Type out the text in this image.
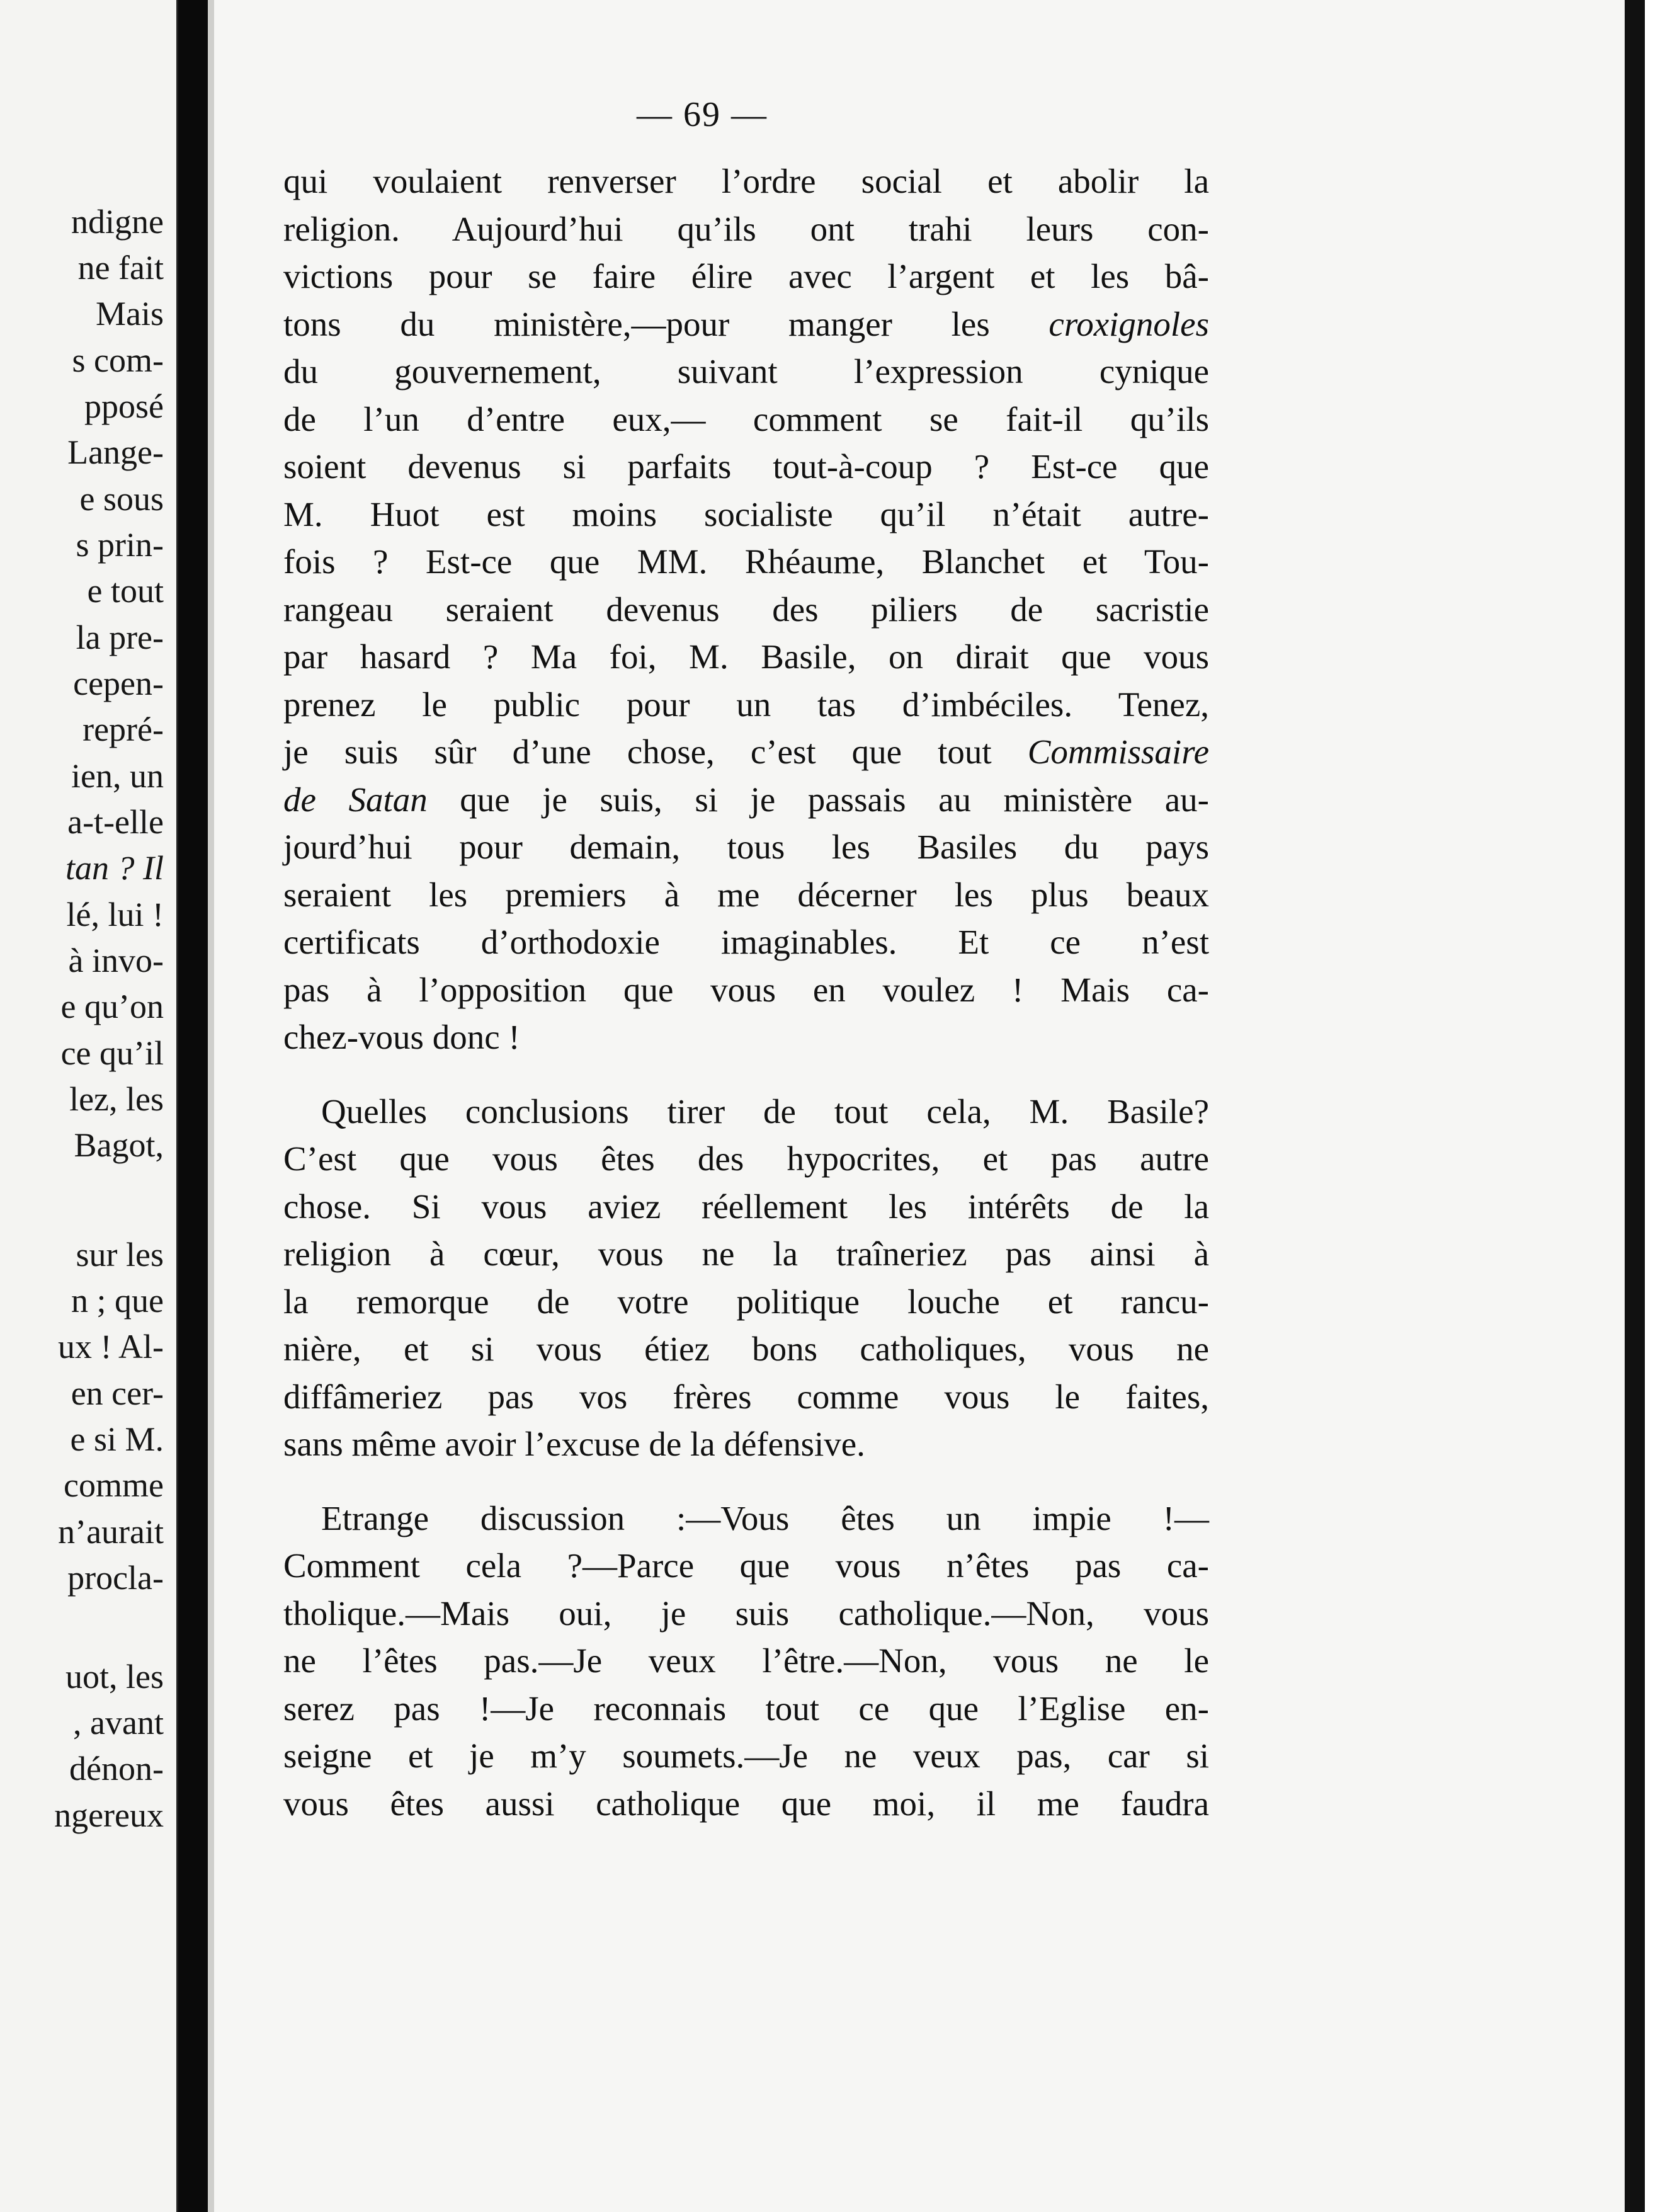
ndigne
ne fait
Mais
s com-
pposé
Lange-
e sous
s prin-
e tout
la pre-
cepen-
repré-
ien, un
a-t-elle
tan ? Il
lé, lui !
à invo-
e qu’on
ce qu’il
lez, les
Bagot,
sur les
n ; que
ux ! Al-
en cer-
e si M.
comme
n’aurait
procla-
uot, les
, avant
dénon-
ngereux
— 69 —
qui voulaient renverser l’ordre social et abolir la
religion. Aujourd’hui qu’ils ont trahi leurs con-
victions pour se faire élire avec l’argent et les bâ-
tons du ministère,—pour manger les croxignoles
du gouvernement, suivant l’expression cynique
de l’un d’entre eux,— comment se fait-il qu’ils
soient devenus si parfaits tout-à-coup ? Est-ce que
M. Huot est moins socialiste qu’il n’était autre-
fois ? Est-ce que MM. Rhéaume, Blanchet et Tou-
rangeau seraient devenus des piliers de sacristie
par hasard ? Ma foi, M. Basile, on dirait que vous
prenez le public pour un tas d’imbéciles. Tenez,
je suis sûr d’une chose, c’est que tout Commissaire
de Satan que je suis, si je passais au ministère au-
jourd’hui pour demain, tous les Basiles du pays
seraient les premiers à me décerner les plus beaux
certificats d’orthodoxie imaginables. Et ce n’est
pas à l’opposition que vous en voulez ! Mais ca-
chez-vous donc !
Quelles conclusions tirer de tout cela, M. Basile?
C’est que vous êtes des hypocrites, et pas autre
chose. Si vous aviez réellement les intérêts de la
religion à cœur, vous ne la traîneriez pas ainsi à
la remorque de votre politique louche et rancu-
nière, et si vous étiez bons catholiques, vous ne
diffâmeriez pas vos frères comme vous le faites,
sans même avoir l’excuse de la défensive.
Etrange discussion :—Vous êtes un impie !—
Comment cela ?—Parce que vous n’êtes pas ca-
tholique.—Mais oui, je suis catholique.—Non, vous
ne l’êtes pas.—Je veux l’être.—Non, vous ne le
serez pas !—Je reconnais tout ce que l’Eglise en-
seigne et je m’y soumets.—Je ne veux pas, car si
vous êtes aussi catholique que moi, il me faudra
